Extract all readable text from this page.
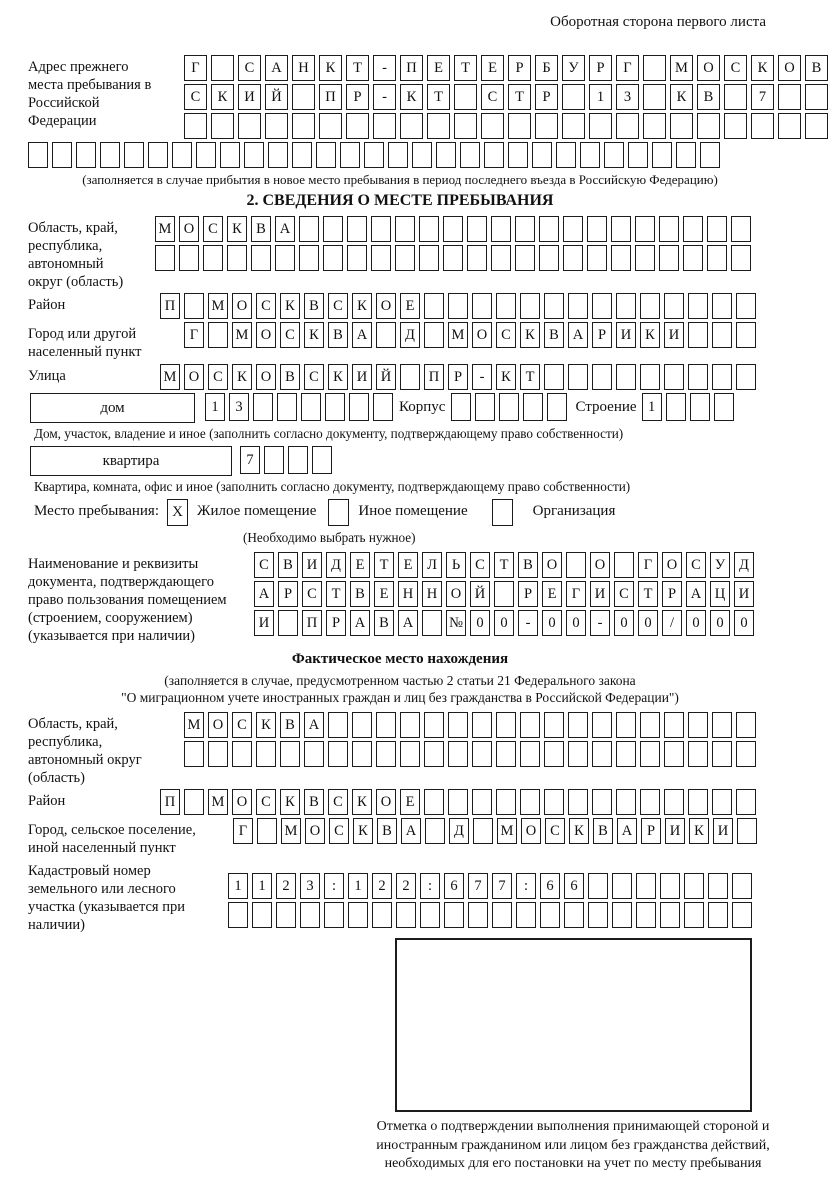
Оборотная сторона первого листа
Адрес прежнего места пребывания в Российской Федерации
Г	С	А	Н	К	Т	-	П	Е	Т	Е	Р	Б	У	Р	Г	М	О	С	К	О	В
С	К	И	Й	П	Р	-	К	Т	С	Т	Р	1	3	К	В	7
(заполняется в случае прибытия в новое место пребывания в период последнего въезда в Российскую Федерацию)
2. СВЕДЕНИЯ О МЕСТЕ ПРЕБЫВАНИЯ
Область, край, республика, автономный округ (область)
М О С К В А
Район	П	М О С К В С К О Е
Город или другой населенный пункт
Г	М О С К В А	Д	М О С К В А	Р	И К И
Улица	М О С К О В С К И Й	П	Р	-	К	Т
дом	1	3	Корпус	Строение 1
Дом, участок, владение и иное (заполнить согласно документу, подтверждающему право собственности)
квартира	7
Квартира, комната, офис и иное (заполнить согласно документу, подтверждающему право собственности)
Место пребывания: X Жилое помещение	Иное помещение	Организация
(Необходимо выбрать нужное)
Наименование и реквизиты документа, подтверждающего право пользования помещением (строением, сооружением) (указывается при наличии)
С В И Д	Е	Т	Е	Л	Ь	С	Т	В О	О	Г	О С У Д
А	Р	С	Т	В	Е Н Н О Й	Р	Е	Г	И С	Т	Р	А Ц И
И	П	Р	А В А	№ 0	0	-	0	0	-	0	0	/	0	0	0
Фактическое место нахождения
(заполняется в случае, предусмотренном частью 2 статьи 21 Федерального закона
"О миграционном учете иностранных граждан и лиц без гражданства в Российской Федерации")
Область, край, республика, автономный округ (область)
М О С К В А
Район	П	М О С К В С К О Е
Город, сельское поселение, иной населенный пункт
Г	М О С К В А	Д	М О С К В А	Р	И К И
Кадастровый номер земельного или лесного участка (указывается при наличии)
1	1	2	3	:	1	2	2	:	6	7	7	:	6	6
Отметка о подтверждении выполнения принимающей стороной и иностранным гражданином или лицом без гражданства действий, необходимых для его постановки на учет по месту пребывания
